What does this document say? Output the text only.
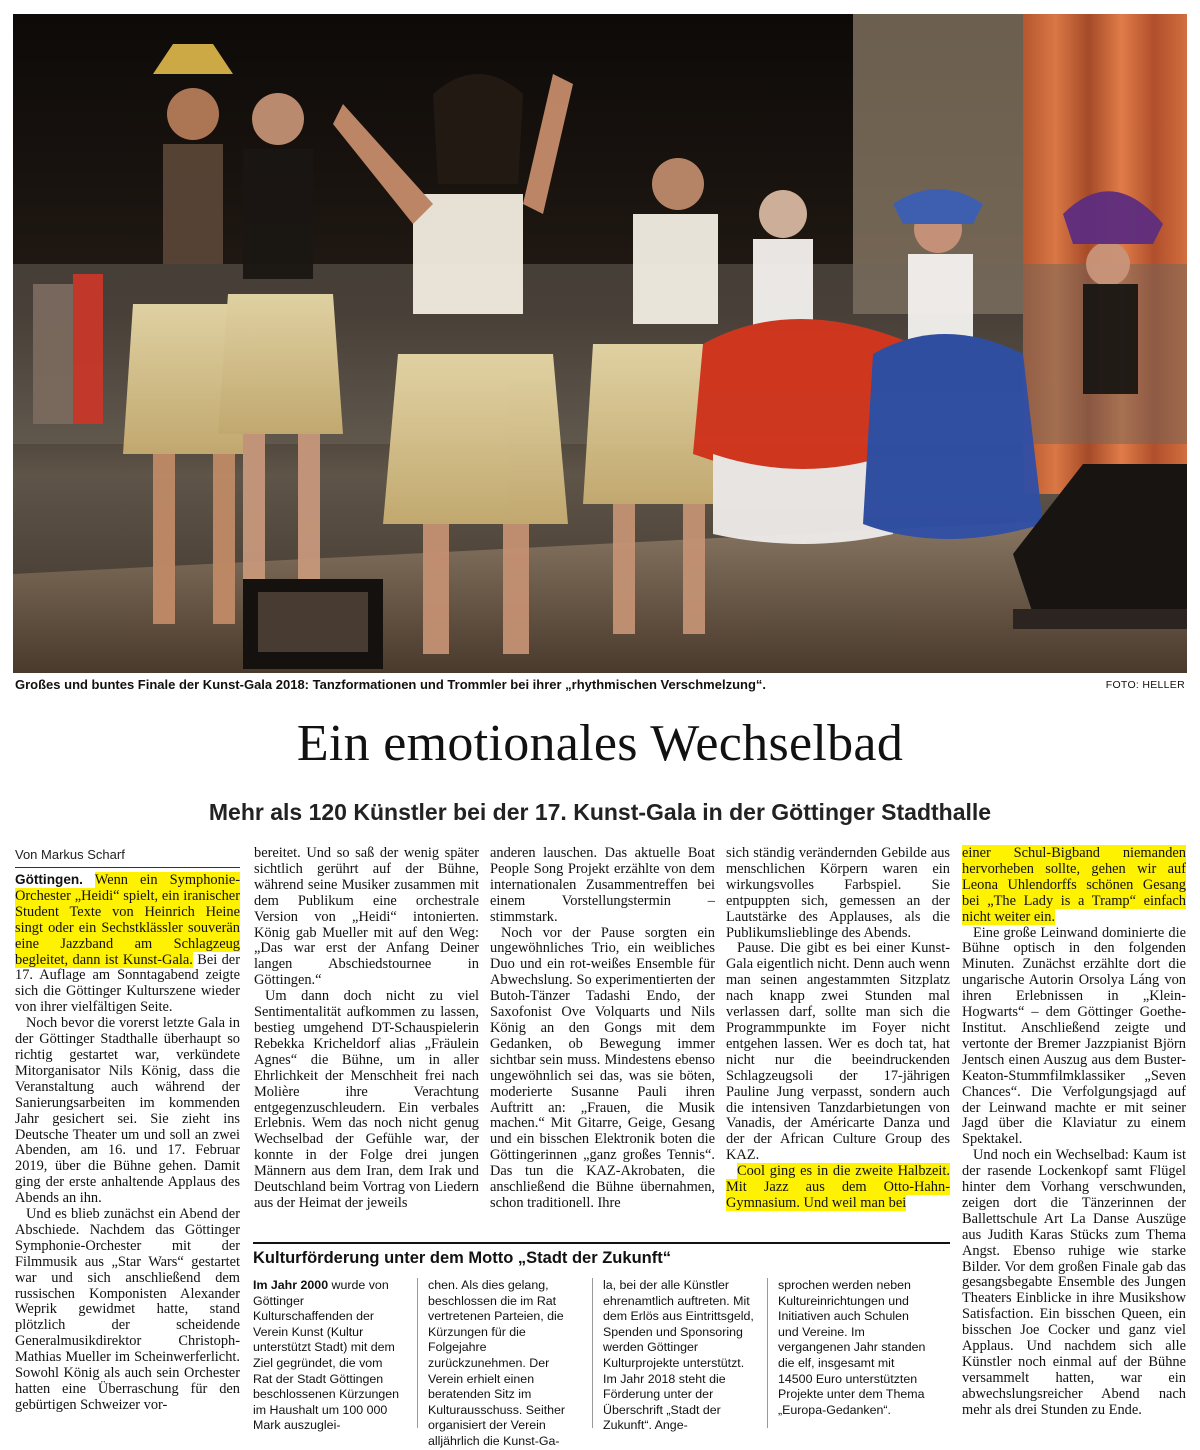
Großes und buntes Finale der Kunst-Gala 2018: Tanzformationen und Trommler bei ihrer „rhythmischen Verschmelzung“.	FOTO: HELLER
Ein emotionales Wechselbad
Mehr als 120 Künstler bei der 17. Kunst-Gala in der Göttinger Stadthalle
Von Markus Scharf

Göttingen. Wenn ein Symphonie-Orchester „Heidi“ spielt, ein iranischer Student Texte von Heinrich Heine singt oder ein Sechstklässler souverän eine Jazzband am Schlagzeug begleitet, dann ist Kunst-Gala. Bei der 17. Auflage am Sonntagabend zeigte sich die Göttinger Kulturszene wieder von ihrer vielfältigen Seite.

Noch bevor die vorerst letzte Gala in der Göttinger Stadthalle überhaupt so richtig gestartet war, verkündete Mitorganisator Nils König, dass die Veranstaltung auch während der Sanierungsarbeiten im kommenden Jahr gesichert sei. Sie zieht ins Deutsche Theater um und soll an zwei Abenden, am 16. und 17. Februar 2019, über die Bühne gehen. Damit ging der erste anhaltende Applaus des Abends an ihn.

Und es blieb zunächst ein Abend der Abschiede. Nachdem das Göttinger Symphonie-Orchester mit der Filmmusik aus „Star Wars“ gestartet war und sich anschließend dem russischen Komponisten Alexander Weprik gewidmet hatte, stand plötzlich der scheidende Generalmusikdirektor Christoph-Mathias Mueller im Scheinwerferlicht. Sowohl König als auch sein Orchester hatten eine Überraschung für den gebürtigen Schweizer vor-

bereitet. Und so saß der wenig später sichtlich gerührt auf der Bühne, während seine Musiker zusammen mit dem Publikum eine orchestrale Version von „Heidi“ intonierten. König gab Mueller mit auf den Weg: „Das war erst der Anfang Deiner langen Abschiedstournee in Göttingen.“

Um dann doch nicht zu viel Sentimentalität aufkommen zu lassen, bestieg umgehend DT-Schauspielerin Rebekka Kricheldorf alias „Fräulein Agnes“ die Bühne, um in aller Ehrlichkeit der Menschheit frei nach Molière ihre Verachtung entgegenzuschleudern. Ein verbales Erlebnis. Wem das noch nicht genug Wechselbad der Gefühle war, der konnte in der Folge drei jungen Männern aus dem Iran, dem Irak und Deutschland beim Vortrag von Liedern aus der Heimat der jeweils

anderen lauschen. Das aktuelle Boat People Song Projekt erzählte von dem internationalen Zusammentreffen bei einem Vorstellungstermin – stimmstark.

Noch vor der Pause sorgten ein ungewöhnliches Trio, ein weibliches Duo und ein rot-weißes Ensemble für Abwechslung. So experimentierten der Butoh-Tänzer Tadashi Endo, der Saxofonist Ove Volquarts und Nils König an den Gongs mit dem Gedanken, ob Bewegung immer sichtbar sein muss. Mindestens ebenso ungewöhnlich sei das, was sie böten, moderierte Susanne Pauli ihren Auftritt an: „Frauen, die Musik machen.“ Mit Gitarre, Geige, Gesang und ein bisschen Elektronik boten die Göttingerinnen „ganz großes Tennis“. Das tun die KAZ-Akrobaten, die anschließend die Bühne übernahmen, schon traditionell. Ihre

sich ständig verändernden Gebilde aus menschlichen Körpern waren ein wirkungsvolles Farbspiel. Sie entpuppten sich, gemessen an der Lautstärke des Applauses, als die Publikumslieblinge des Abends.

Pause. Die gibt es bei einer Kunst-Gala eigentlich nicht. Denn auch wenn man seinen angestammten Sitzplatz nach knapp zwei Stunden mal verlassen darf, sollte man sich die Programmpunkte im Foyer nicht entgehen lassen. Wer es doch tat, hat nicht nur die beeindruckenden Schlagzeugsoli der 17-jährigen Pauline Jung verpasst, sondern auch die intensiven Tanzdarbietungen von Vanadis, der Américarte Danza und der der African Culture Group des KAZ.

Cool ging es in die zweite Halbzeit. Mit Jazz aus dem Otto-Hahn-Gymnasium. Und weil man bei

einer Schul-Bigband niemanden hervorheben sollte, gehen wir auf Leona Uhlendorffs schönen Gesang bei „The Lady is a Tramp“ einfach nicht weiter ein.

Eine große Leinwand dominierte die Bühne optisch in den folgenden Minuten. Zunächst erzählte dort die ungarische Autorin Orsolya Láng von ihren Erlebnissen in „Klein-Hogwarts“ – dem Göttinger Goethe-Institut. Anschließend zeigte und vertonte der Bremer Jazzpianist Björn Jentsch einen Auszug aus dem Buster-Keaton-Stummfilmklassiker „Seven Chances“. Die Verfolgungsjagd auf der Leinwand machte er mit seiner Jagd über die Klaviatur zu einem Spektakel.

Und noch ein Wechselbad: Kaum ist der rasende Lockenkopf samt Flügel hinter dem Vorhang verschwunden, zeigen dort die Tänzerinnen der Ballettschule Art La Danse Auszüge aus Judith Karas Stücks zum Thema Angst. Ebenso ruhige wie starke Bilder. Vor dem großen Finale gab das gesangsbegabte Ensemble des Jungen Theaters Einblicke in ihre Musikshow Satisfaction. Ein bisschen Queen, ein bisschen Joe Cocker und ganz viel Applaus. Und nachdem sich alle Künstler noch einmal auf der Bühne versammelt hatten, war ein abwechslungsreicher Abend nach mehr als drei Stunden zu Ende.

Kulturförderung unter dem Motto „Stadt der Zukunft“
Im Jahr 2000 wurde von Göttinger Kulturschaffenden der Verein Kunst (Kultur unterstützt Stadt) mit dem Ziel gegründet, die vom Rat der Stadt Göttingen beschlossenen Kürzungen im Haushalt um 100 000 Mark auszuglei-
chen. Als dies gelang, beschlossen die im Rat vertretenen Parteien, die Kürzungen für die Folgejahre zurückzunehmen. Der Verein erhielt einen beratenden Sitz im Kulturausschuss. Seither organisiert der Verein alljährlich die Kunst-Ga-
la, bei der alle Künstler ehrenamtlich auftreten. Mit dem Erlös aus Eintrittsgeld, Spenden und Sponsoring werden Göttinger Kulturprojekte unterstützt. Im Jahr 2018 steht die Förderung unter der Überschrift „Stadt der Zukunft“. Ange-
sprochen werden neben Kultureinrichtungen und Initiativen auch Schulen und Vereine. Im vergangenen Jahr standen die elf, insgesamt mit 14500 Euro unterstützten Projekte unter dem Thema „Europa-Gedanken“.
